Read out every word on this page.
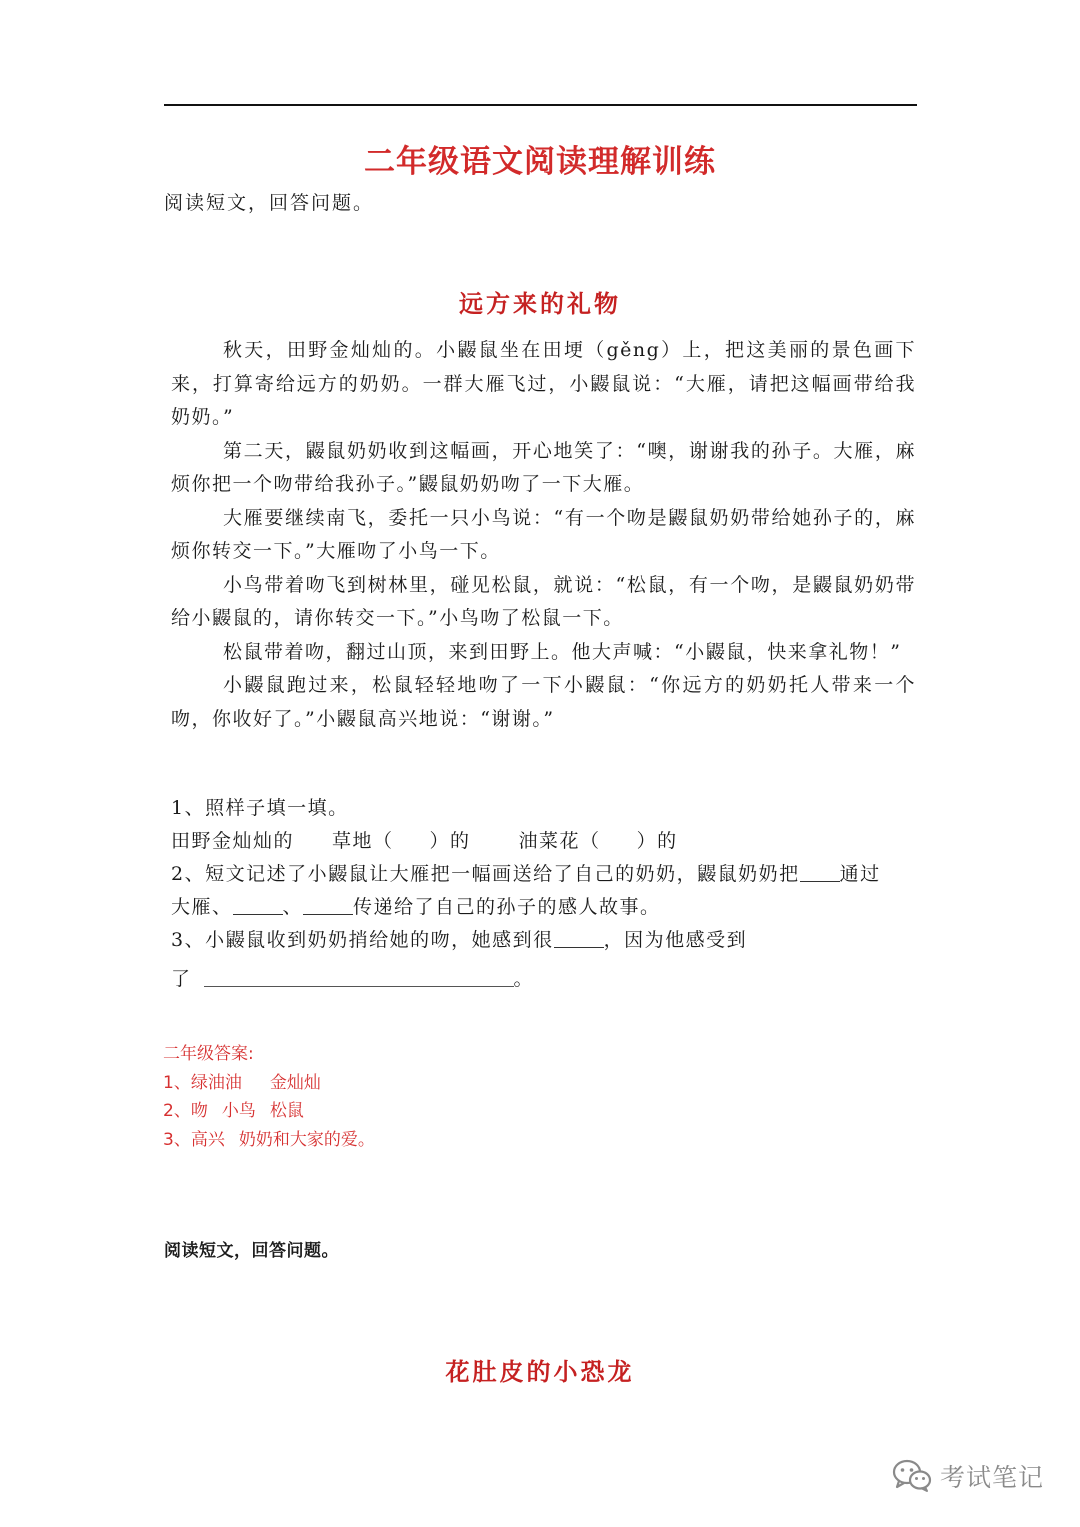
二年级语文阅读理解训练
阅读短文，回答问题。
远方来的礼物

秋天，田野金灿灿的。小鼹鼠坐在田埂（gěng）上，把这美丽的景色画下来，打算寄给远方的奶奶。一群大雁飞过，小鼹鼠说：“大雁，请把这幅画带给我奶奶。”

第二天，鼹鼠奶奶收到这幅画，开心地笑了：“噢，谢谢我的孙子。大雁，麻烦你把一个吻带给我孙子。”鼹鼠奶奶吻了一下大雁。

大雁要继续南飞，委托一只小鸟说：“有一个吻是鼹鼠奶奶带给她孙子的，麻烦你转交一下。”大雁吻了小鸟一下。

小鸟带着吻飞到树林里，碰见松鼠，就说：“松鼠，有一个吻，是鼹鼠奶奶带给小鼹鼠的，请你转交一下。”小鸟吻了松鼠一下。

松鼠带着吻，翻过山顶，来到田野上。他大声喊：“小鼹鼠，快来拿礼物！”

小鼹鼠跑过来，松鼠轻轻地吻了一下小鼹鼠：“你远方的奶奶托人带来一个吻，你收好了。”小鼹鼠高兴地说：“谢谢。”

1、照样子填一填。
田野金灿灿的 草地（ ）的	油菜花（ ）的
2、短文记述了小鼹鼠让大雁把一幅画送给了自己的奶奶，鼹鼠奶奶把 通过
大雁、	、	传递给了自己的孙子的感人故事。
3、小鼹鼠收到奶奶捎给她的吻，她感到很	，因为他感受到
了	。
二年级答案:
1、绿油油 金灿灿
2、吻 小鸟 松鼠
3、高兴 奶奶和大家的爱。
阅读短文，回答问题。
花肚皮的小恐龙
考试笔记
